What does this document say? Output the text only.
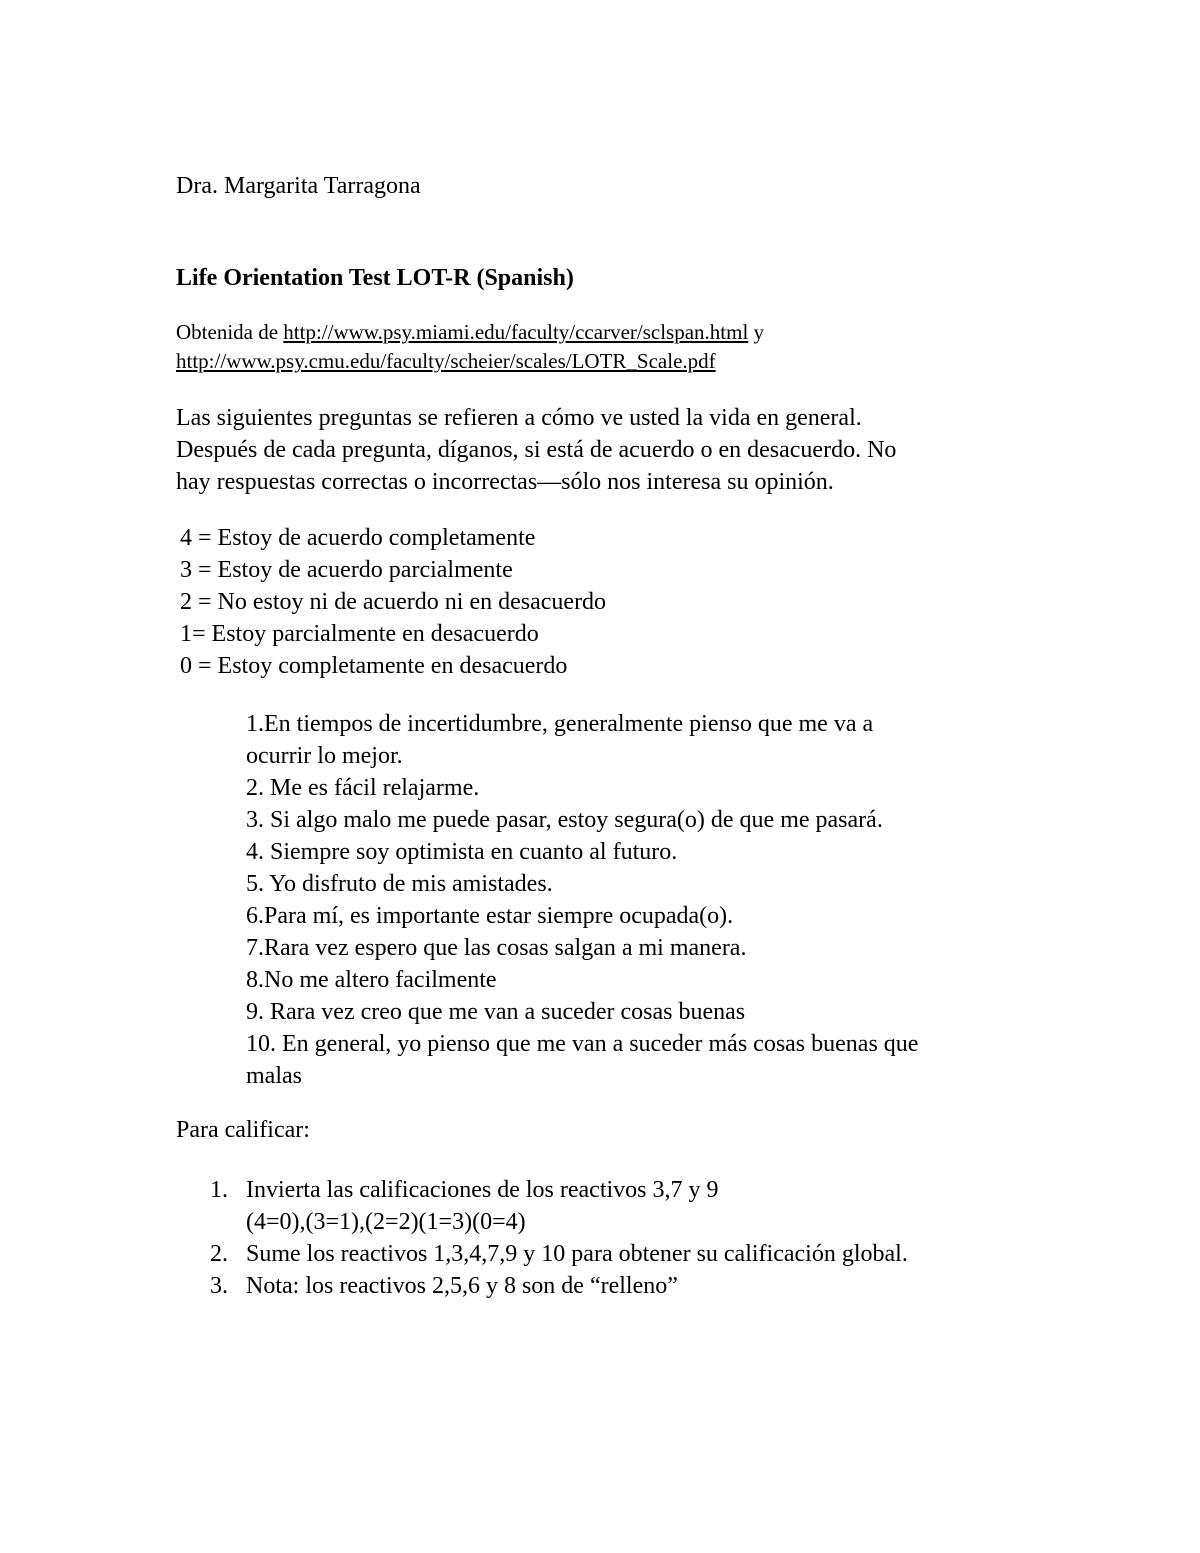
Dra. Margarita Tarragona
Life Orientation Test LOT-R (Spanish)
Obtenida de http://www.psy.miami.edu/faculty/ccarver/sclspan.html y
http://www.psy.cmu.edu/faculty/scheier/scales/LOTR_Scale.pdf
Las siguientes preguntas se refieren a cómo ve usted la vida en general.
Después de cada pregunta, díganos, si está de acuerdo o en desacuerdo. No
hay respuestas correctas o incorrectas—sólo nos interesa su opinión.
4 = Estoy de acuerdo completamente
3 = Estoy de acuerdo parcialmente
2 = No estoy ni de acuerdo ni en desacuerdo
1= Estoy parcialmente en desacuerdo
0 = Estoy completamente en desacuerdo
1.En tiempos de incertidumbre, generalmente pienso que me va a
ocurrir lo mejor.
2. Me es fácil relajarme.
3. Si algo malo me puede pasar, estoy segura(o) de que me pasará.
4. Siempre soy optimista en cuanto al futuro.
5. Yo disfruto de mis amistades.
6.Para mí, es importante estar siempre ocupada(o).
7.Rara vez espero que las cosas salgan a mi manera.
8.No me altero facilmente
9. Rara vez creo que me van a suceder cosas buenas
10. En general, yo pienso que me van a suceder más cosas buenas que
malas
Para calificar:
1. Invierta las calificaciones de los reactivos 3,7 y 9
(4=0),(3=1),(2=2)(1=3)(0=4)
2. Sume los reactivos 1,3,4,7,9 y 10 para obtener su calificación global.
3. Nota: los reactivos 2,5,6 y 8 son de “relleno”
